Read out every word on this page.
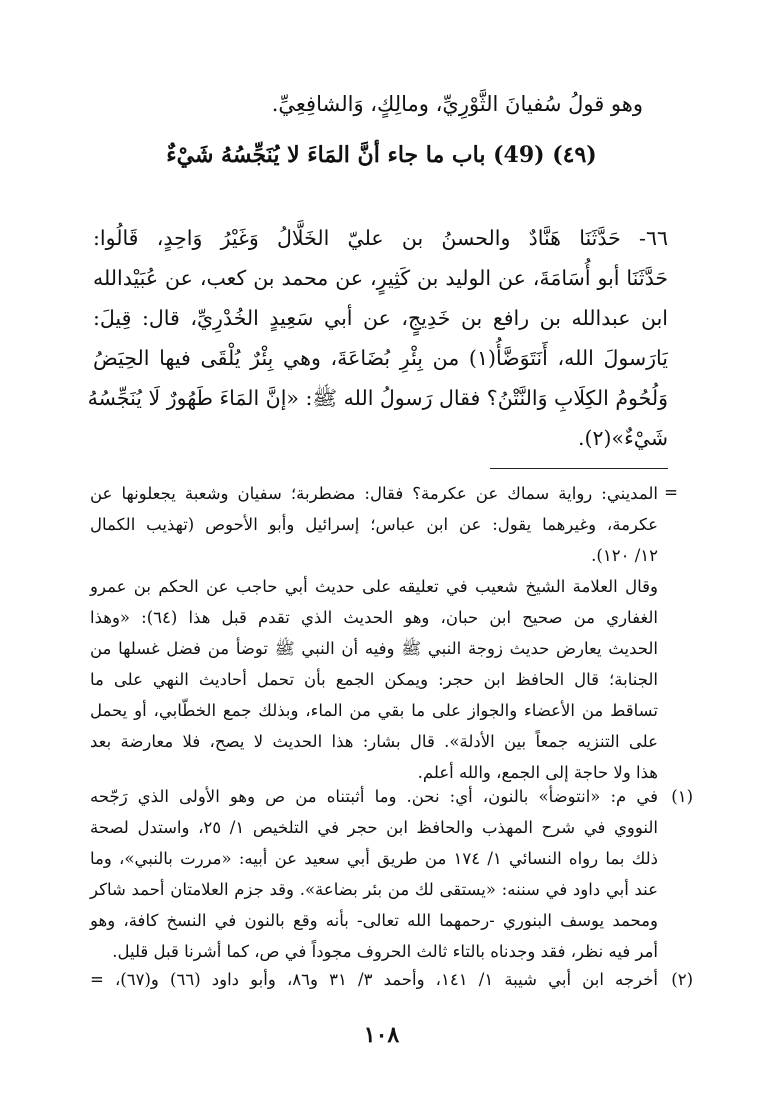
وهو قولُ سُفيانَ الثَّوْرِيِّ، ومالِكٍ، وَالشافِعِيِّ.
(٤٩) (49) باب ما جاء أنَّ المَاءَ لا يُنَجِّسُهُ شَيْءٌ
٦٦- حَدَّثَنَا هَنَّادٌ والحسنُ بن عليّ الخَلَّالُ وَغَيْرُ وَاحِدٍ، قَالُوا:
حَدَّثَنَا أبو أُسَامَةَ، عن الوليد بن كَثِيرٍ، عن محمد بن كعب، عن عُبَيْدالله
ابن عبدالله بن رافع بن خَدِيجٍ، عن أبي سَعِيدٍ الخُدْرِيِّ، قال: قِيلَ:
يَارَسولَ الله، أَنَتَوَضَّأُ(١) من بِئْرِ بُضَاعَةَ، وهي بِئْرٌ يُلْقَى فيها الحِيَضُ
وَلُحُومُ الكِلَابِ وَالنَّتْنُ؟ فقال رَسولُ الله ﷺ: «إنَّ المَاءَ طَهُورٌ لَا يُنَجِّسُهُ
شَيْءٌ»(٢).
=
المديني: رواية سماك عن عكرمة؟ فقال: مضطربة؛ سفيان وشعبة يجعلونها عن
عكرمة، وغيرهما يقول: عن ابن عباس؛ إسرائيل وأبو الأحوص (تهذيب الكمال
١٢/ ١٢٠).
وقال العلامة الشيخ شعيب في تعليقه على حديث أبي حاجب عن الحكم بن عمرو
الغفاري من صحيح ابن حبان، وهو الحديث الذي تقدم قبل هذا (٦٤): «وهذا
الحديث يعارض حديث زوجة النبي ﷺ وفيه أن النبي ﷺ توضأ من فضل غسلها من
الجنابة؛ قال الحافظ ابن حجر: ويمكن الجمع بأن تحمل أحاديث النهي على ما
تساقط من الأعضاء والجواز على ما بقي من الماء، وبذلك جمع الخطّابي، أو يحمل
على التنزيه جمعاً بين الأدلة». قال بشار: هذا الحديث لا يصح، فلا معارضة بعد
هذا ولا حاجة إلى الجمع، والله أعلم.
(١)
في م: «انتوضأ» بالنون، أي: نحن. وما أثبتناه من ص وهو الأولى الذي رَجّحه
النووي في شرح المهذب والحافظ ابن حجر في التلخيص ١/ ٢٥، واستدل لصحة
ذلك بما رواه النسائي ١/ ١٧٤ من طريق أبي سعيد عن أبيه: «مررت بالنبي»، وما
عند أبي داود في سننه: «يستقى لك من بئر بضاعة». وقد جزم العلامتان أحمد شاكر
ومحمد يوسف البنوري -رحمهما الله تعالى- بأنه وقع بالنون في النسخ كافة، وهو
أمر فيه نظر، فقد وجدناه بالتاء ثالث الحروف مجوداً في ص، كما أشرنا قبل قليل.
(٢)
أخرجه ابن أبي شيبة ١/ ١٤١، وأحمد ٣/ ٣١ و٨٦، وأبو داود (٦٦) و(٦٧)، =
١٠٨
